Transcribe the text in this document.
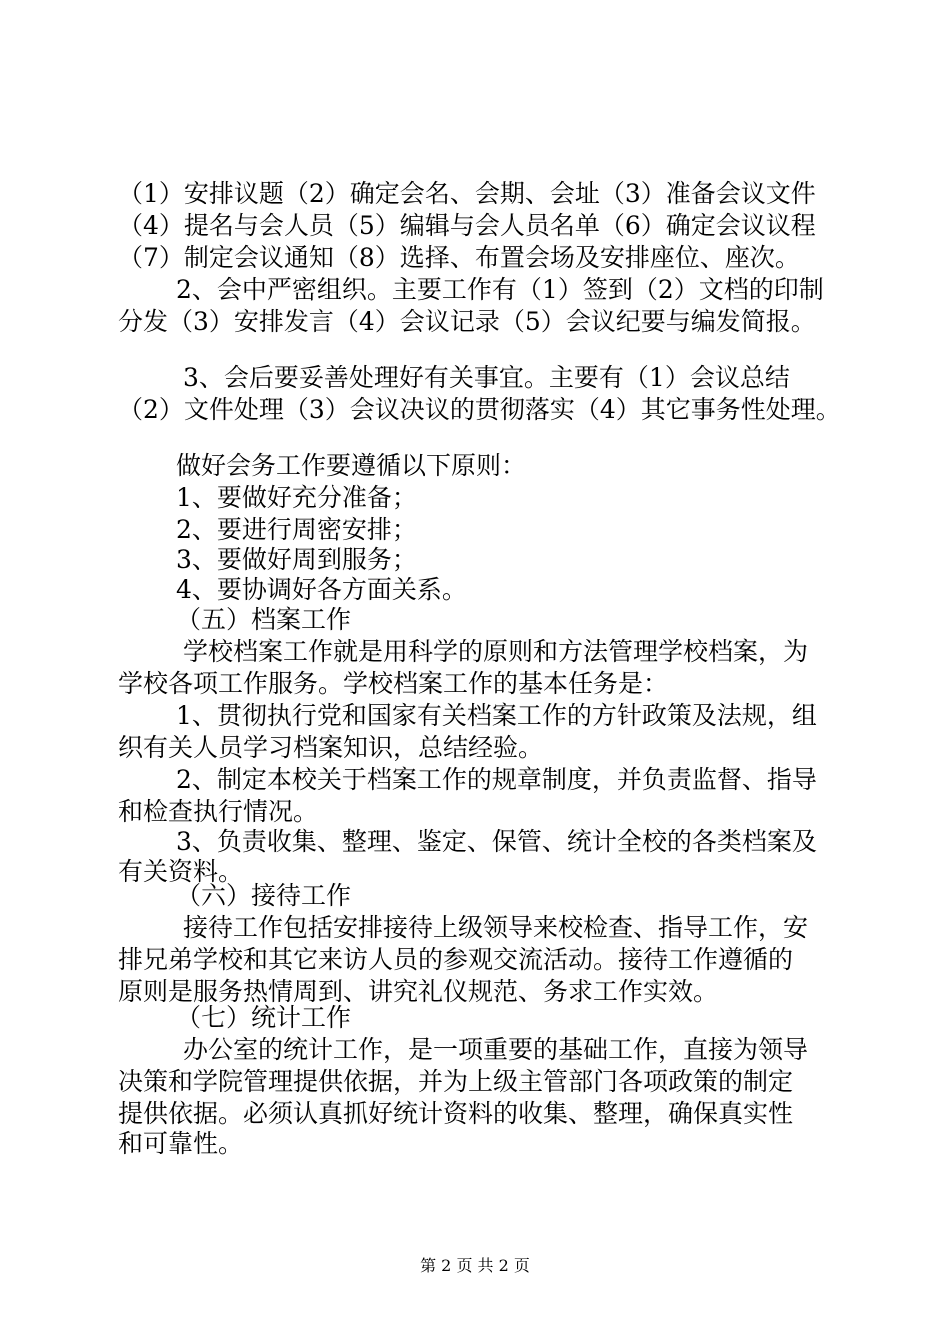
（1）安排议题（2）确定会名、会期、会址（3）准备会议文件

（4）提名与会人员（5）编辑与会人员名单（6）确定会议议程

（7）制定会议通知（8）选择、布置会场及安排座位、座次。

2、会中严密组织。主要工作有（1）签到（2）文档的印制

分发（3）安排发言（4）会议记录（5）会议纪要与编发简报。

3、会后要妥善处理好有关事宜。主要有（1）会议总结

（2）文件处理（3）会议决议的贯彻落实（4）其它事务性处理。

做好会务工作要遵循以下原则：

1、要做好充分准备；

2、要进行周密安排；

3、要做好周到服务；

4、要协调好各方面关系。

（五）档案工作

学校档案工作就是用科学的原则和方法管理学校档案，为

学校各项工作服务。学校档案工作的基本任务是：

1、贯彻执行党和国家有关档案工作的方针政策及法规，组

织有关人员学习档案知识，总结经验。

2、制定本校关于档案工作的规章制度，并负责监督、指导

和检查执行情况。

3、负责收集、整理、鉴定、保管、统计全校的各类档案及

有关资料。

（六）接待工作

接待工作包括安排接待上级领导来校检查、指导工作，安

排兄弟学校和其它来访人员的参观交流活动。接待工作遵循的

原则是服务热情周到、讲究礼仪规范、务求工作实效。

（七）统计工作

办公室的统计工作，是一项重要的基础工作，直接为领导

决策和学院管理提供依据，并为上级主管部门各项政策的制定

提供依据。必须认真抓好统计资料的收集、整理，确保真实性

和可靠性。

第 2 页 共 2 页
